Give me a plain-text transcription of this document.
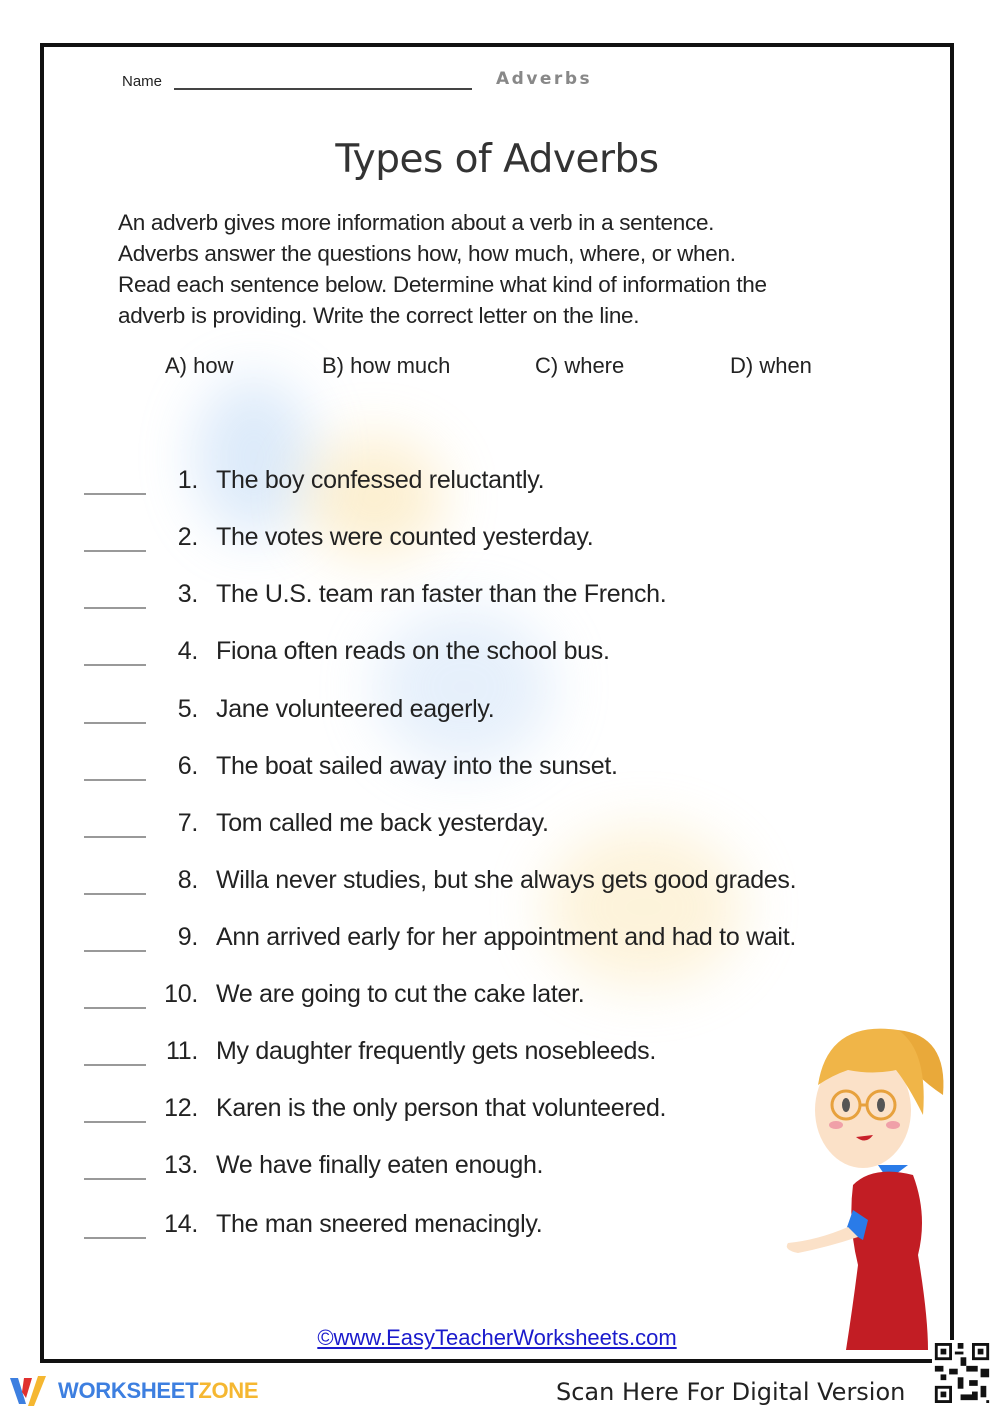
Name	Adverbs
Types of Adverbs
An adverb gives more information about a verb in a sentence.
Adverbs answer the questions how, how much, where, or when.
Read each sentence below. Determine what kind of information the
adverb is providing. Write the correct letter on the line.
A) how	B) how much	C) where	D) when
1. The boy confessed reluctantly.
2. The votes were counted yesterday.
3. The U.S. team ran faster than the French.
4. Fiona often reads on the school bus.
5. Jane volunteered eagerly.
6. The boat sailed away into the sunset.
7. Tom called me back yesterday.
8. Willa never studies, but she always gets good grades.
9. Ann arrived early for her appointment and had to wait.
10. We are going to cut the cake later.
11. My daughter frequently gets nosebleeds.
12. Karen is the only person that volunteered.
13. We have finally eaten enough.
14. The man sneered menacingly.
©www.EasyTeacherWorksheets.com
WORKSHEETZONE	Scan Here For Digital Version
